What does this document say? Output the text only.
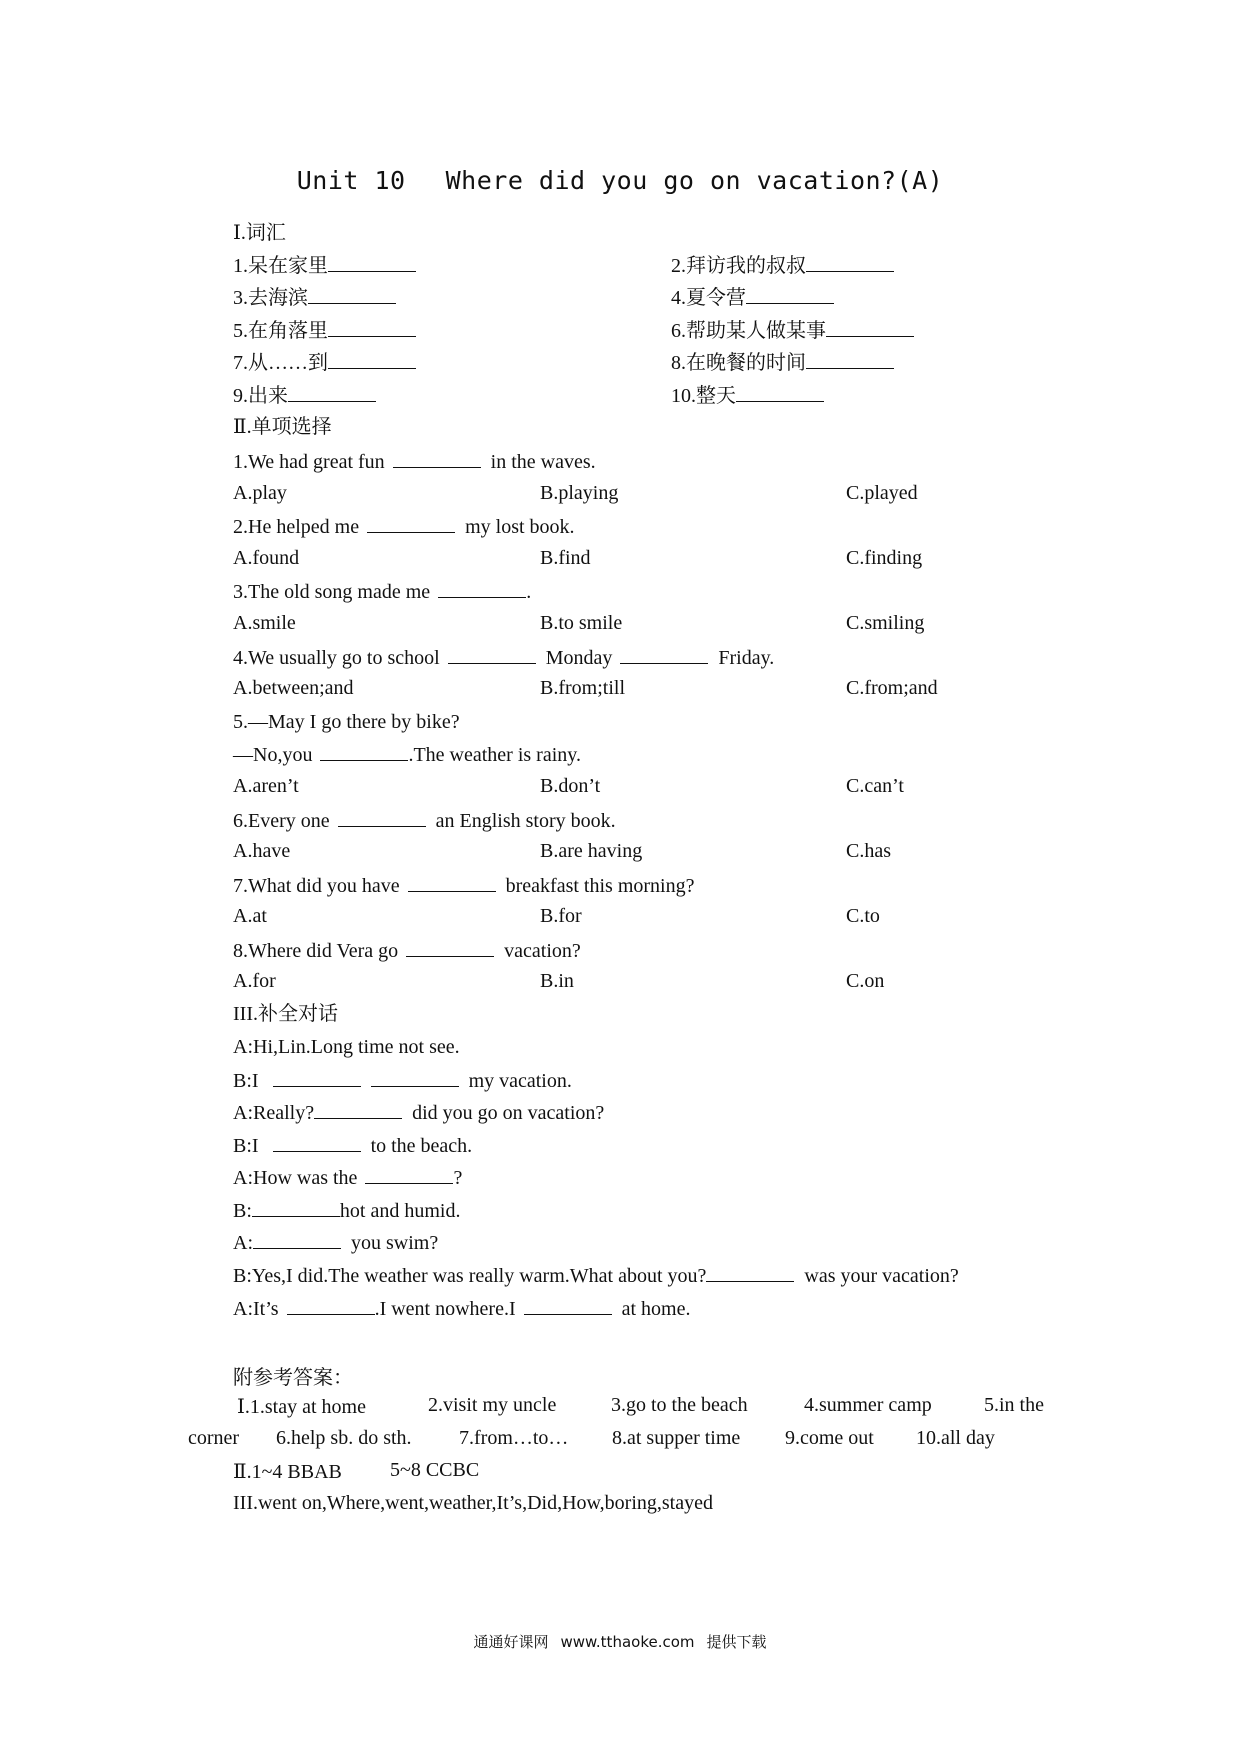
Unit 10 Where did you go on vacation?(A)
Ⅰ.词汇
1.呆在家里	2.拜访我的叔叔
3.去海滨	4.夏令营
5.在角落里	6.帮助某人做某事
7.从……到	8.在晚餐的时间
9.出来	10.整天
Ⅱ.单项选择
1.We had great fun	in the waves.
A.play	B.playing	C.played
2.He helped me	my lost book.
A.found	B.find	C.finding
3.The old song made me	.
A.smile	B.to smile	C.smiling
4.We usually go to school	Monday	Friday.
A.between;and	B.from;till	C.from;and
5.—May I go there by bike?
—No,you	.The weather is rainy.
A.aren’t	B.don’t	C.can’t
6.Every one	an English story book.
A.have	B.are having	C.has
7.What did you have	breakfast this morning?
A.at	B.for	C.to
8.Where did Vera go	vacation?
A.for	B.in	C.on
III.补全对话
A:Hi,Lin.Long time not see.
B:I	my vacation.
A:Really?	did you go on vacation?
B:I	to the beach.
A:How was the	?
B:	hot and humid.
A:	you swim?
B:Yes,I did.The weather was really warm.What about you?	was your vacation?
A:It’s	.I went nowhere.I	at home.
附参考答案：
Ⅰ.1.stay at home	2.visit my uncle	3.go to the beach	4.summer camp	5.in the
corner 6.help sb. do sth. 7.from…to… 8.at supper time 9.come out 10.all day
Ⅱ.1~4 BBAB 5~8 CCBC
III.went on,Where,went,weather,It’s,Did,How,boring,stayed
通通好课网 www.tthaoke.com 提供下载
